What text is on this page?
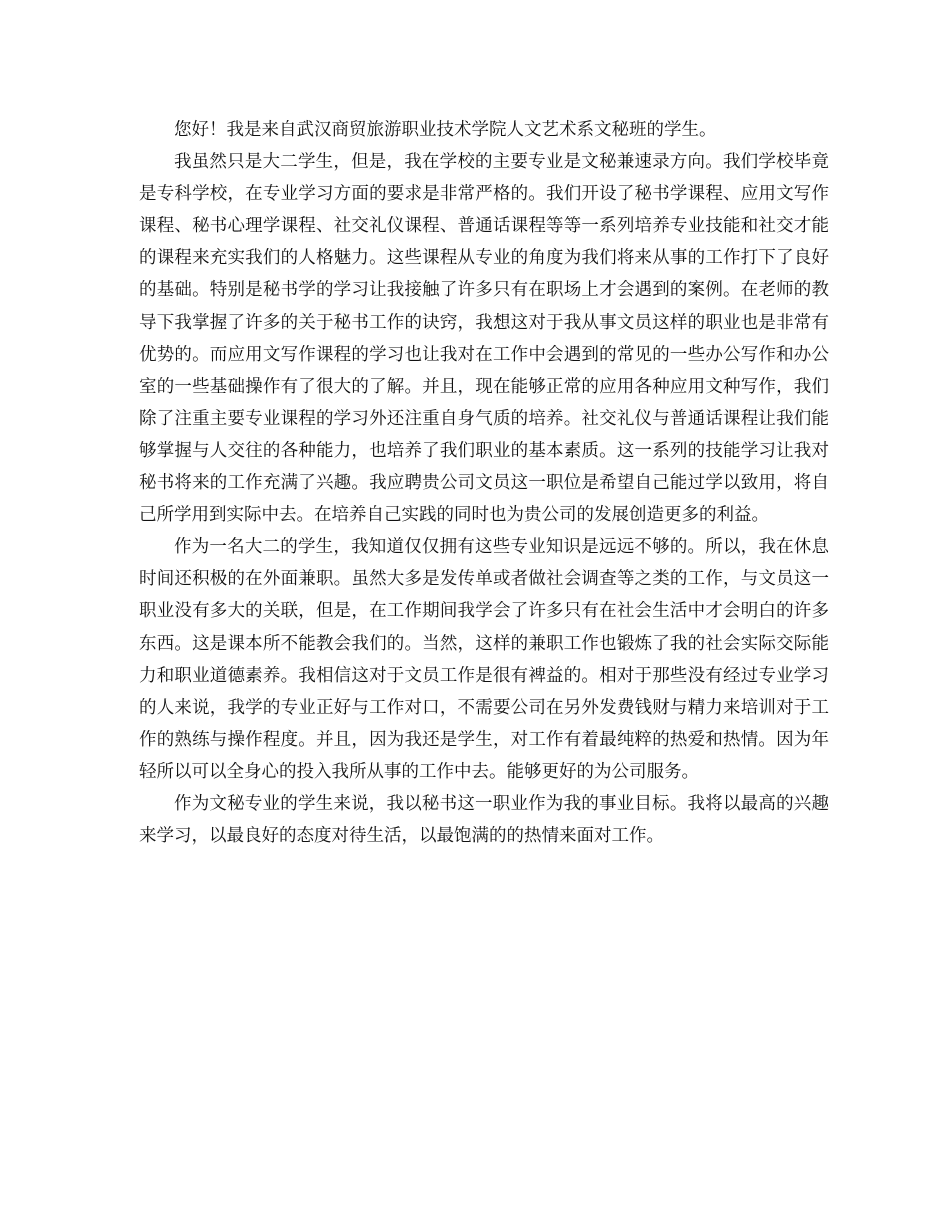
您好！我是来自武汉商贸旅游职业技术学院人文艺术系文秘班的学生。

我虽然只是大二学生，但是，我在学校的主要专业是文秘兼速录方向。我们学校毕竟是专科学校，在专业学习方面的要求是非常严格的。我们开设了秘书学课程、应用文写作课程、秘书心理学课程、社交礼仪课程、普通话课程等等一系列培养专业技能和社交才能的课程来充实我们的人格魅力。这些课程从专业的角度为我们将来从事的工作打下了良好的基础。特别是秘书学的学习让我接触了许多只有在职场上才会遇到的案例。在老师的教导下我掌握了许多的关于秘书工作的诀窍，我想这对于我从事文员这样的职业也是非常有优势的。而应用文写作课程的学习也让我对在工作中会遇到的常见的一些办公写作和办公室的一些基础操作有了很大的了解。并且，现在能够正常的应用各种应用文种写作，我们除了注重主要专业课程的学习外还注重自身气质的培养。社交礼仪与普通话课程让我们能够掌握与人交往的各种能力，也培养了我们职业的基本素质。这一系列的技能学习让我对秘书将来的工作充满了兴趣。我应聘贵公司文员这一职位是希望自己能过学以致用，将自己所学用到实际中去。在培养自己实践的同时也为贵公司的发展创造更多的利益。

作为一名大二的学生，我知道仅仅拥有这些专业知识是远远不够的。所以，我在休息时间还积极的在外面兼职。虽然大多是发传单或者做社会调查等之类的工作，与文员这一职业没有多大的关联，但是，在工作期间我学会了许多只有在社会生活中才会明白的许多东西。这是课本所不能教会我们的。当然，这样的兼职工作也锻炼了我的社会实际交际能力和职业道德素养。我相信这对于文员工作是很有裨益的。相对于那些没有经过专业学习的人来说，我学的专业正好与工作对口，不需要公司在另外发费钱财与精力来培训对于工作的熟练与操作程度。并且，因为我还是学生，对工作有着最纯粹的热爱和热情。因为年轻所以可以全身心的投入我所从事的工作中去。能够更好的为公司服务。

作为文秘专业的学生来说，我以秘书这一职业作为我的事业目标。我将以最高的兴趣来学习，以最良好的态度对待生活，以最饱满的的热情来面对工作。
